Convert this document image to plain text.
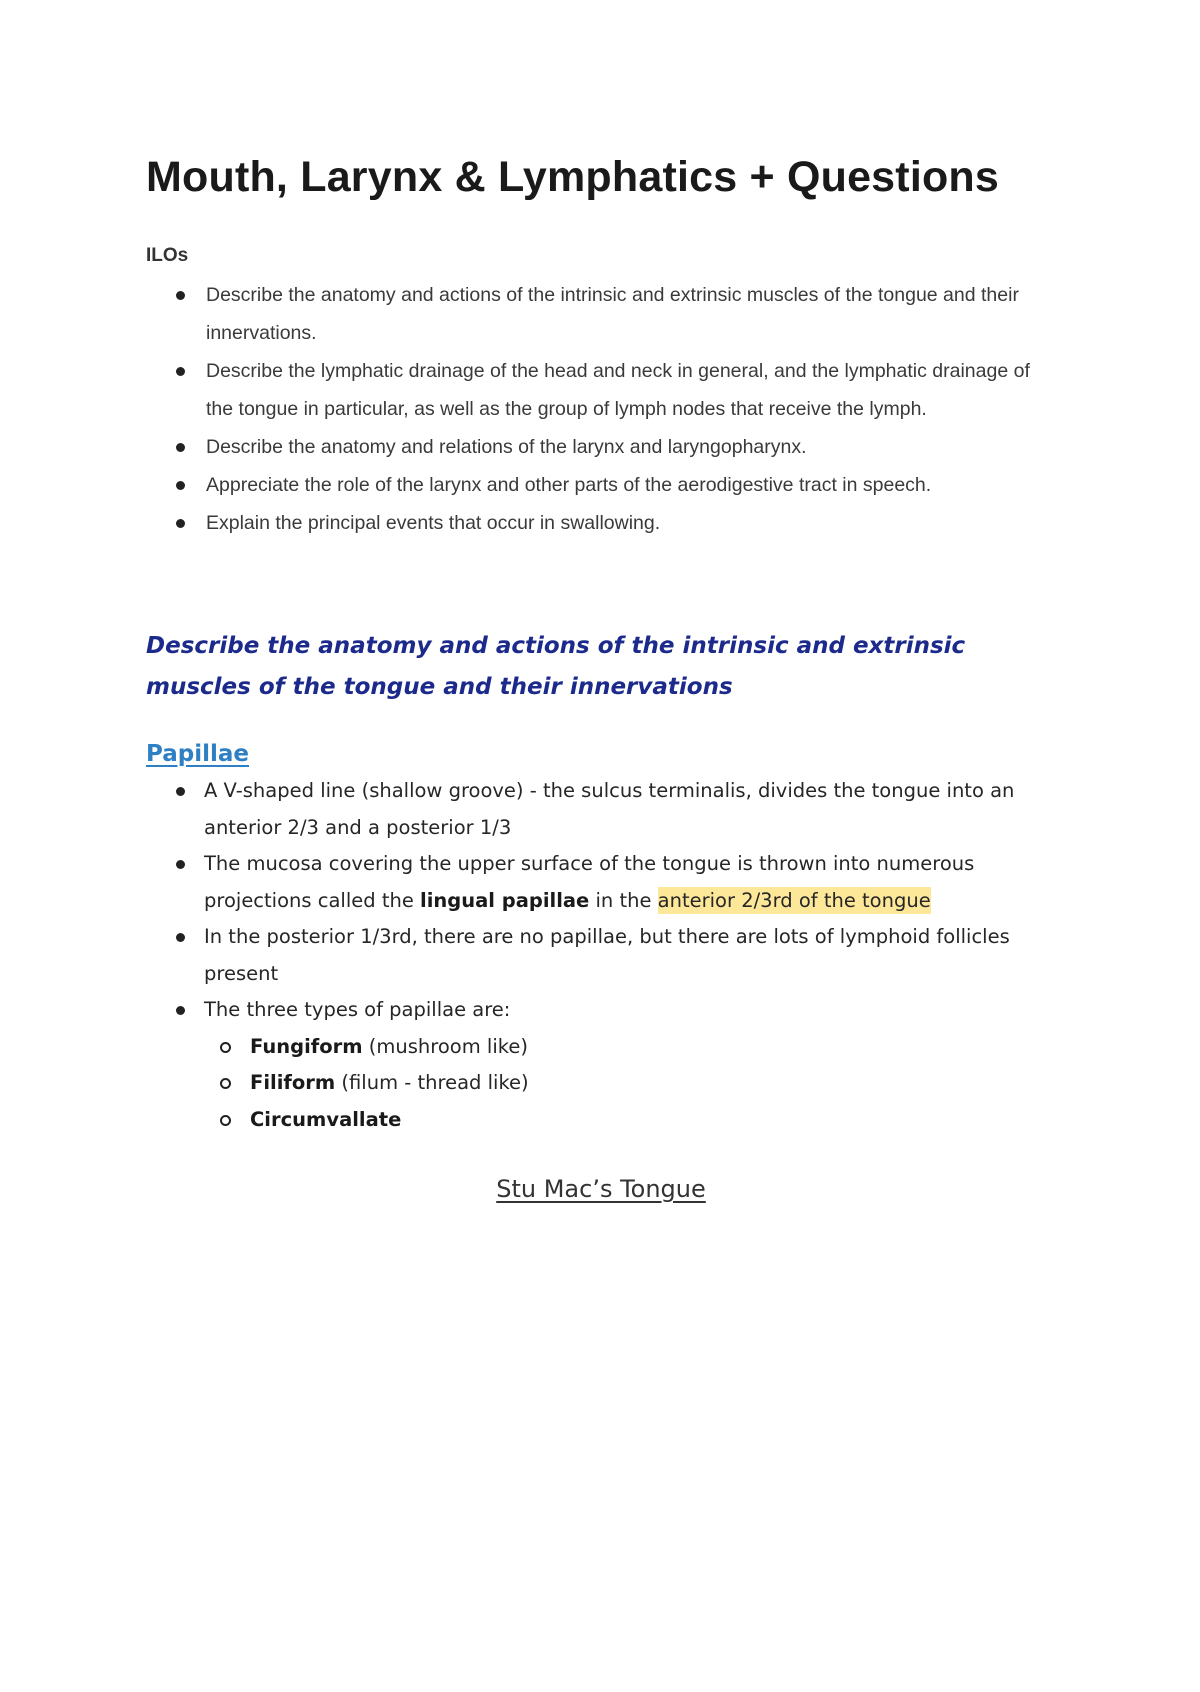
Mouth, Larynx & Lymphatics + Questions
ILOs
Describe the anatomy and actions of the intrinsic and extrinsic muscles of the tongue and their innervations.
Describe the lymphatic drainage of the head and neck in general, and the lymphatic drainage of the tongue in particular, as well as the group of lymph nodes that receive the lymph.
Describe the anatomy and relations of the larynx and laryngopharynx.
Appreciate the role of the larynx and other parts of the aerodigestive tract in speech.
Explain the principal events that occur in swallowing.
Describe the anatomy and actions of the intrinsic and extrinsic muscles of the tongue and their innervations
Papillae
A V-shaped line (shallow groove) - the sulcus terminalis, divides the tongue into an anterior 2/3 and a posterior 1/3
The mucosa covering the upper surface of the tongue is thrown into numerous projections called the lingual papillae in the anterior 2/3rd of the tongue
In the posterior 1/3rd, there are no papillae, but there are lots of lymphoid follicles present
The three types of papillae are:
Fungiform (mushroom like)
Filiform (filum - thread like)
Circumvallate
Stu Mac’s Tongue
